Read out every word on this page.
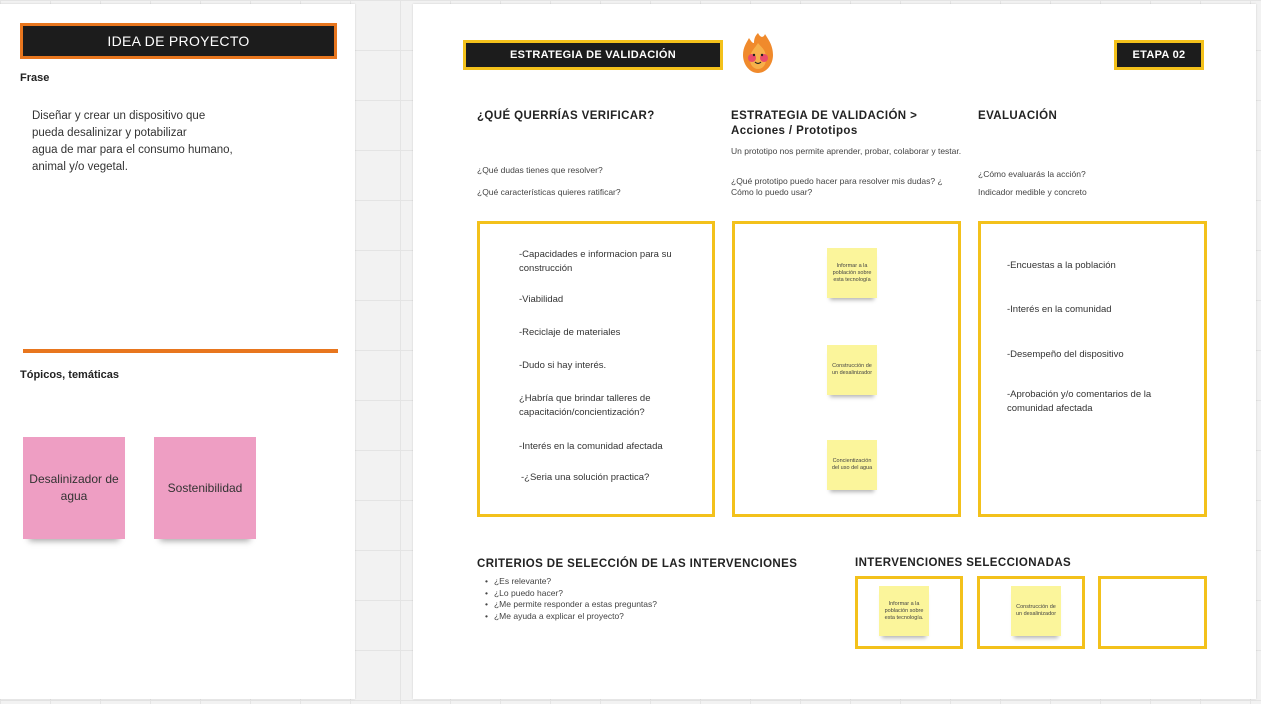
IDEA DE PROYECTO
Frase
Diseñar y crear un dispositivo que
pueda desalinizar y potabilizar
agua de mar para el consumo humano,
animal y/o vegetal.
Tópicos, temáticas
Desalinizador de agua
Sostenibilidad
ESTRATEGIA DE VALIDACIÓN	ETAPA 02
¿QUÉ QUERRÍAS VERIFICAR?
¿Qué dudas tienes que resolver?
¿Qué características quieres ratificar?
-Capacidades e informacion para su construcción
-Viabilidad
-Reciclaje de materiales
-Dudo si hay interés.
¿Habría que brindar talleres de capacitación/concientización?
-Interés en la comunidad afectada
-¿Seria una solución practica?
ESTRATEGIA DE VALIDACIÓN >
Acciones / Prototipos
Un prototipo nos permite aprender, probar, colaborar y testar.
¿Qué prototipo puedo hacer para resolver mis dudas? ¿ Cómo lo puedo usar?
Informar a la población sobre esta tecnología
Construcción de un desalinizador
Concientización del uso del agua
EVALUACIÓN
¿Cómo evaluarás la acción?
Indicador medible y concreto
-Encuestas a la población
-Interés en la comunidad
-Desempeño del dispositivo
-Aprobación y/o comentarios de la comunidad afectada
CRITERIOS DE SELECCIÓN DE LAS INTERVENCIONES
• ¿Es relevante?
• ¿Lo puedo hacer?
• ¿Me permite responder a estas preguntas?
• ¿Me ayuda a explicar el proyecto?
INTERVENCIONES SELECCIONADAS
Informar a la población sobre esta tecnología.
Construcción de un desalinizador
